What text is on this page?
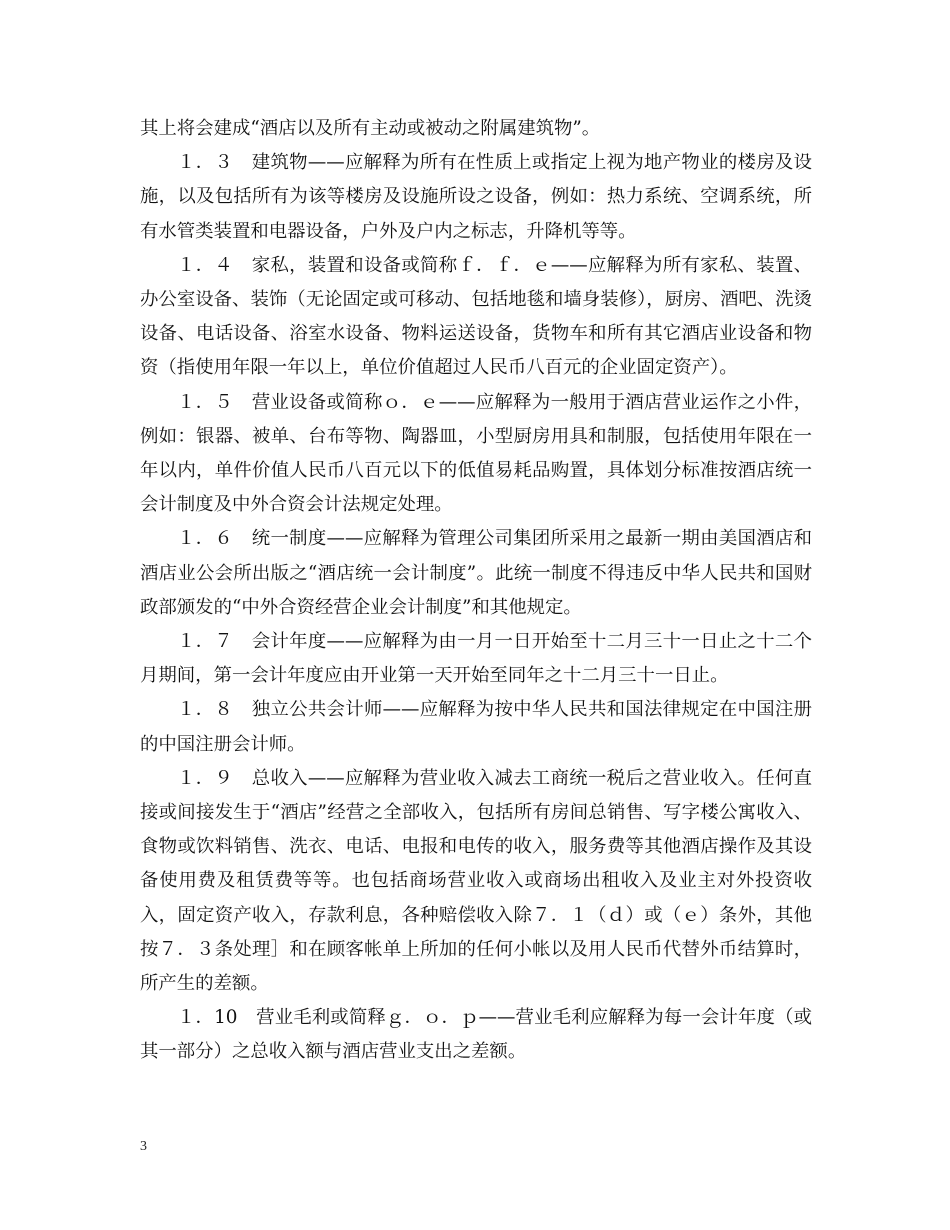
其上将会建成“酒店以及所有主动或被动之附属建筑物”。

１．３　建筑物——应解释为所有在性质上或指定上视为地产物业的楼房及设施，以及包括所有为该等楼房及设施所设之设备，例如：热力系统、空调系统，所有水管类装置和电器设备，户外及户内之标志，升降机等等。

１．４　家私，装置和设备或简称ｆ．ｆ．ｅ——应解释为所有家私、装置、办公室设备、装饰（无论固定或可移动、包括地毯和墙身装修），厨房、酒吧、洗烫设备、电话设备、浴室水设备、物料运送设备，货物车和所有其它酒店业设备和物资（指使用年限一年以上，单位价值超过人民币八百元的企业固定资产）。

１．５　营业设备或简称ｏ．ｅ——应解释为一般用于酒店营业运作之小件，例如：银器、被单、台布等物、陶器皿，小型厨房用具和制服，包括使用年限在一年以内，单件价值人民币八百元以下的低值易耗品购置，具体划分标准按酒店统一会计制度及中外合资会计法规定处理。

１．６　统一制度——应解释为管理公司集团所采用之最新一期由美国酒店和酒店业公会所出版之“酒店统一会计制度”。此统一制度不得违反中华人民共和国财政部颁发的“中外合资经营企业会计制度”和其他规定。

１．７　会计年度——应解释为由一月一日开始至十二月三十一日止之十二个月期间，第一会计年度应由开业第一天开始至同年之十二月三十一日止。

１．８　独立公共会计师——应解释为按中华人民共和国法律规定在中国注册的中国注册会计师。

１．９　总收入——应解释为营业收入减去工商统一税后之营业收入。任何直接或间接发生于“酒店”经营之全部收入，包括所有房间总销售、写字楼公寓收入、食物或饮料销售、洗衣、电话、电报和电传的收入，服务费等其他酒店操作及其设备使用费及租赁费等等。也包括商场营业收入或商场出租收入及业主对外投资收入，固定资产收入，存款利息，各种赔偿收入除７．１（ｄ）或（ｅ）条外，其他按７．３条处理］和在顾客帐单上所加的任何小帐以及用人民币代替外币结算时，所产生的差额。

１．10　营业毛利或简释ｇ．ｏ．ｐ——营业毛利应解释为每一会计年度（或其一部分）之总收入额与酒店营业支出之差额。

3
